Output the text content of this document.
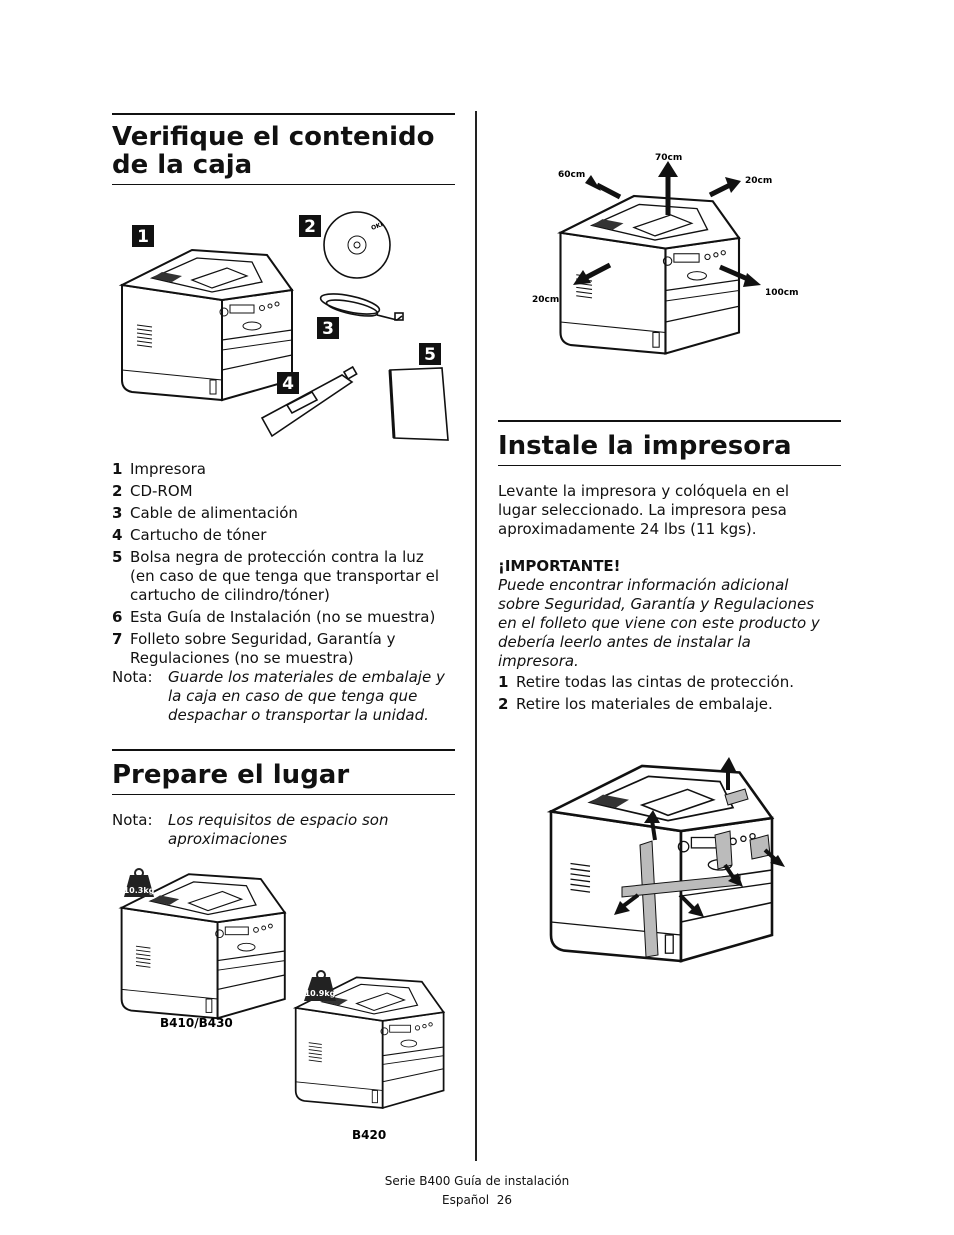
Verifique el contenido
de la caja
OKI
1	2
3
4
5
1 Impresora
2 CD-ROM
3 Cable de alimentación
4 Cartucho de tóner
5 Bolsa negra de protección contra la luz
(en caso de que tenga que transportar el
cartucho de cilindro/tóner)
6 Esta Guía de Instalación (no se muestra)
7 Folleto sobre Seguridad, Garantía y
Regulaciones (no se muestra)
Nota:	Guarde los materiales de embalaje y
la caja en caso de que tenga que
despachar o transportar la unidad.
Prepare el lugar
Nota:	Los requisitos de espacio son
aproximaciones
10.3kg
B410/B430
10.9kg
B420
70cm
60cm
20cm
20cm
100cm
Instale la impresora

Levante la impresora y colóquela en el
lugar seleccionado. La impresora pesa
aproximadamente 24 lbs (11 kgs).

¡IMPORTANTE!

Puede encontrar información adicional
sobre Seguridad, Garantía y Regulaciones
en el folleto que viene con este producto y
debería leerlo antes de instalar la
impresora.

1 Retire todas las cintas de protección.
2 Retire los materiales de embalaje.
Serie B400 Guía de instalación
Español  26
